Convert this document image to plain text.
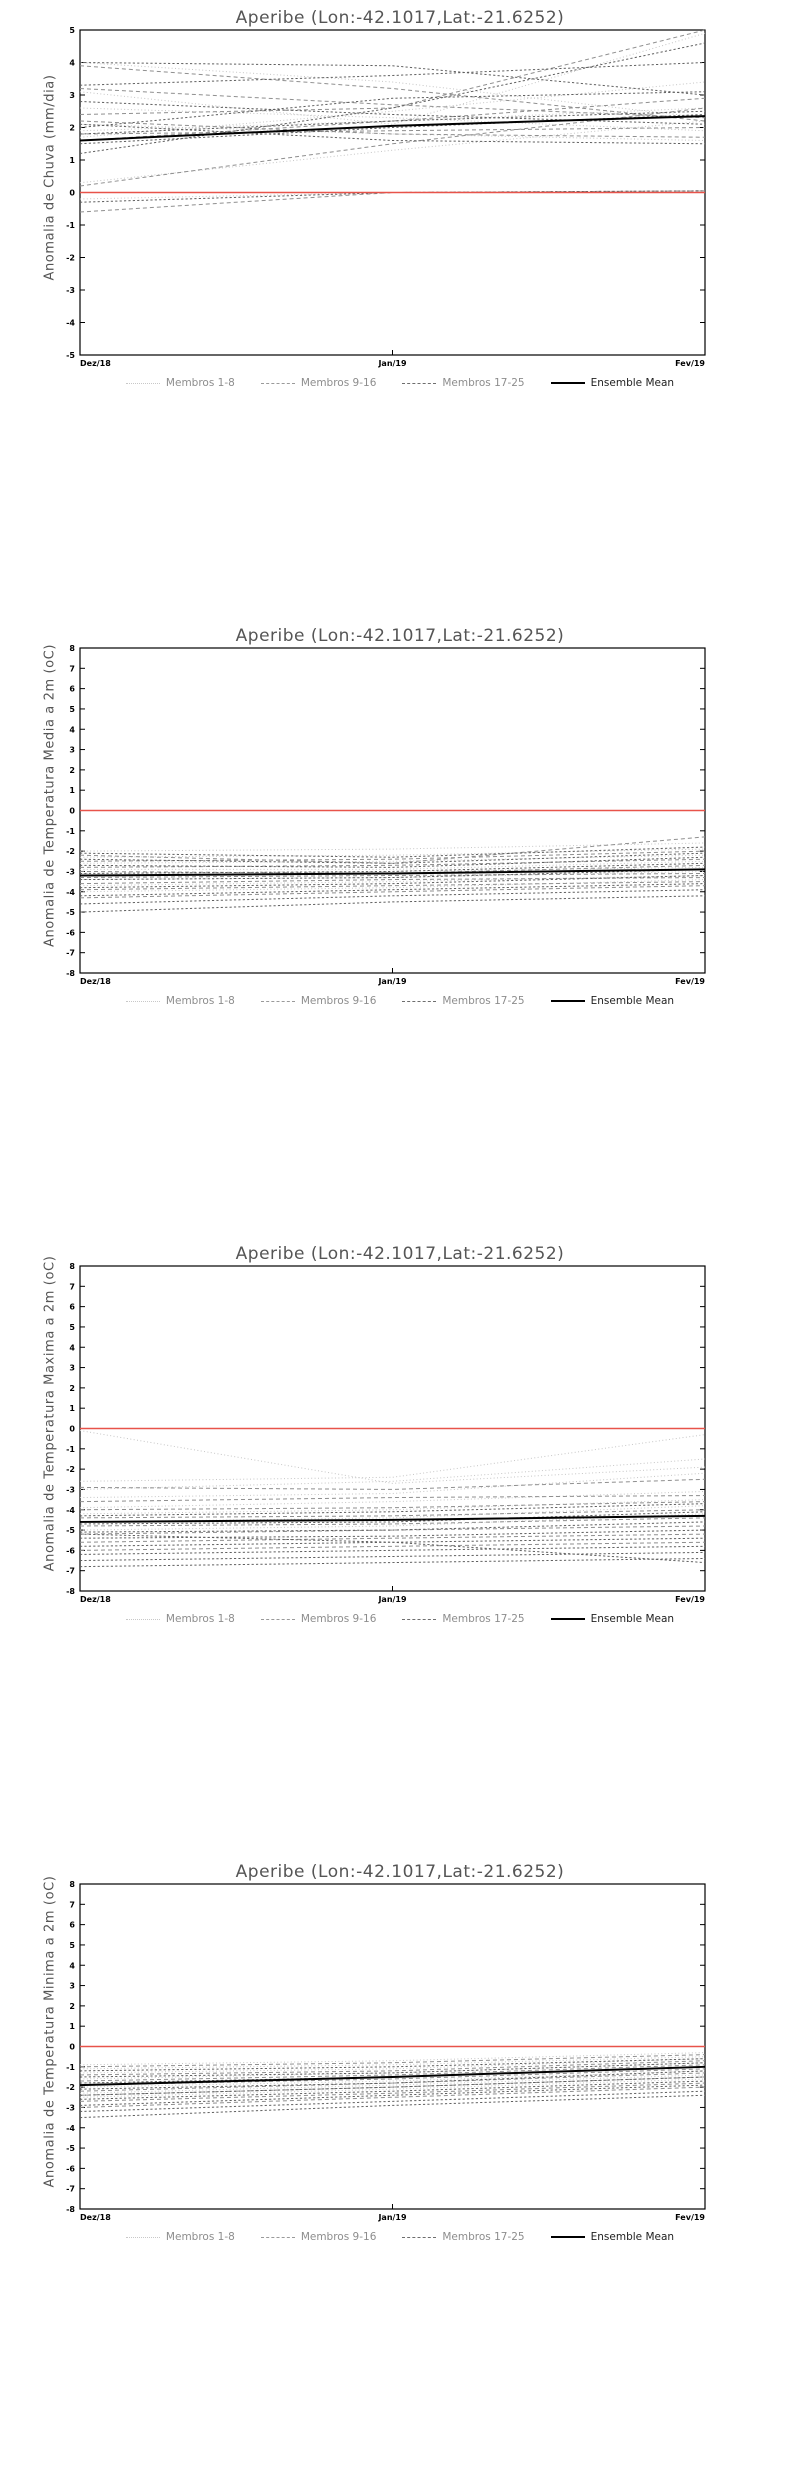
Aperibe (Lon:-42.1017,Lat:-21.6252)
-5
-4
-3
-2
-1
0
1
2
3
4
5
Dez/18	Jan/19	Fev/19
Anomalia de Chuva (mm/dia)
Membros 1-8	Membros 9-16	Membros 17-25	Ensemble Mean
Aperibe (Lon:-42.1017,Lat:-21.6252)
-8
-7
-6
-5
-4
-3
-2
-1
0
1
2
3
4
5
6
7
8
Dez/18	Jan/19	Fev/19
Anomalia de Temperatura Media a 2m (oC)
Membros 1-8	Membros 9-16	Membros 17-25	Ensemble Mean
Aperibe (Lon:-42.1017,Lat:-21.6252)
-8
-7
-6
-5
-4
-3
-2
-1
0
1
2
3
4
5
6
7
8
Dez/18	Jan/19	Fev/19
Anomalia de Temperatura Maxima a 2m (oC)
Membros 1-8	Membros 9-16	Membros 17-25	Ensemble Mean
Aperibe (Lon:-42.1017,Lat:-21.6252)
-8
-7
-6
-5
-4
-3
-2
-1
0
1
2
3
4
5
6
7
8
Dez/18	Jan/19	Fev/19
Anomalia de Temperatura Minima a 2m (oC)
Membros 1-8	Membros 9-16	Membros 17-25	Ensemble Mean
